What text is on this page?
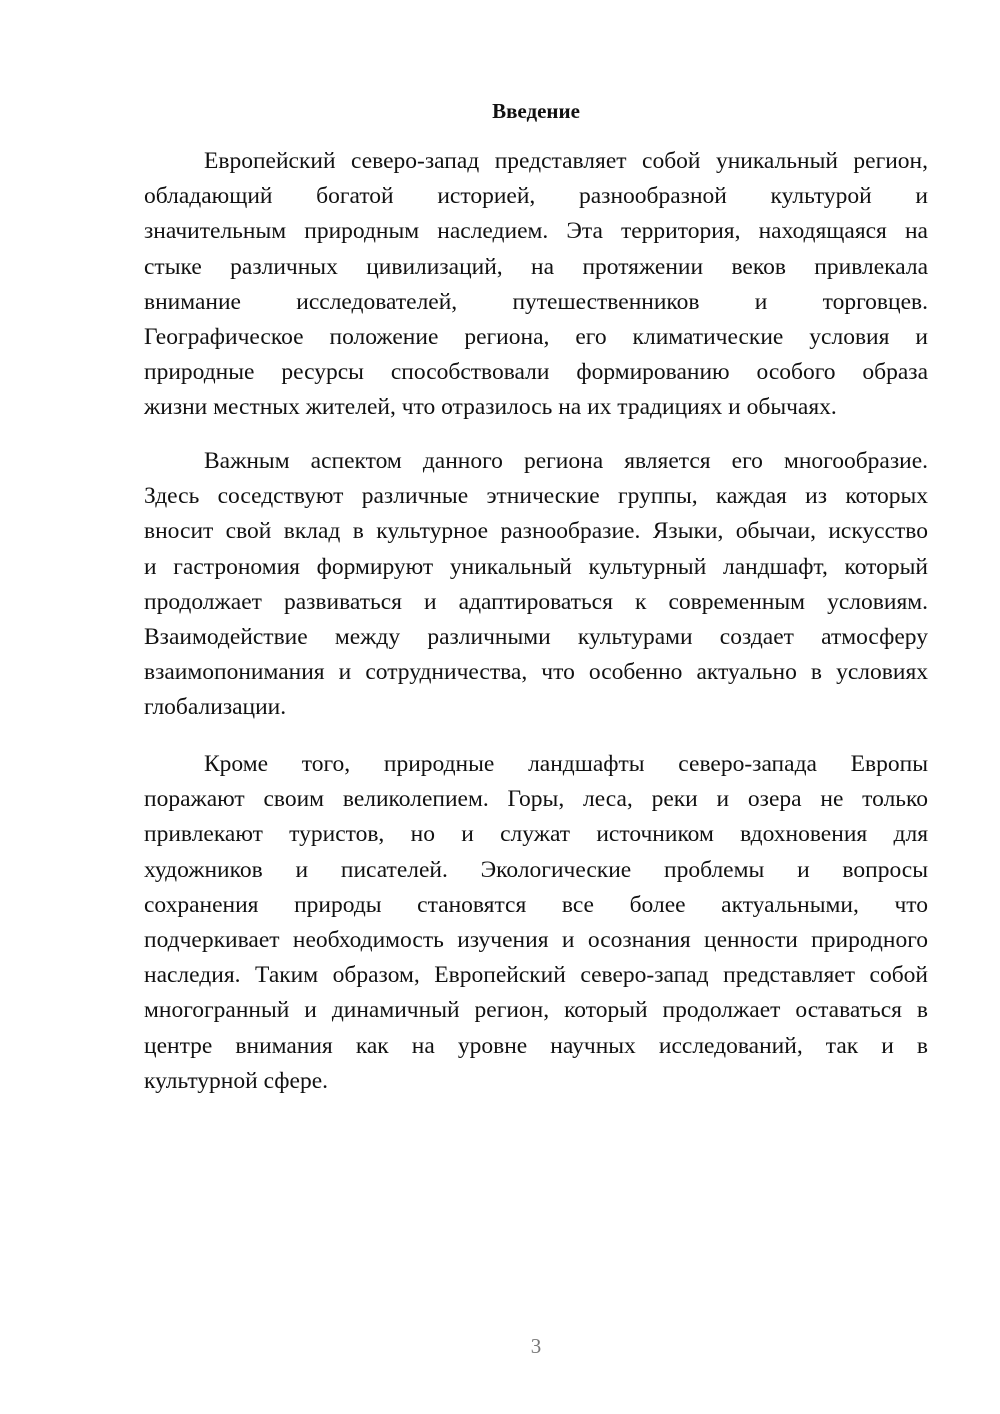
Введение
Европейский северо-запад представляет собой уникальный регион,
обладающий богатой историей, разнообразной культурой и
значительным природным наследием. Эта территория, находящаяся на
стыке различных цивилизаций, на протяжении веков привлекала
внимание исследователей, путешественников и торговцев.
Географическое положение региона, его климатические условия и
природные ресурсы способствовали формированию особого образа
жизни местных жителей, что отразилось на их традициях и обычаях.
Важным аспектом данного региона является его многообразие.
Здесь соседствуют различные этнические группы, каждая из которых
вносит свой вклад в культурное разнообразие. Языки, обычаи, искусство
и гастрономия формируют уникальный культурный ландшафт, который
продолжает развиваться и адаптироваться к современным условиям.
Взаимодействие между различными культурами создает атмосферу
взаимопонимания и сотрудничества, что особенно актуально в условиях
глобализации.
Кроме того, природные ландшафты северо-запада Европы
поражают своим великолепием. Горы, леса, реки и озера не только
привлекают туристов, но и служат источником вдохновения для
художников и писателей. Экологические проблемы и вопросы
сохранения природы становятся все более актуальными, что
подчеркивает необходимость изучения и осознания ценности природного
наследия. Таким образом, Европейский северо-запад представляет собой
многогранный и динамичный регион, который продолжает оставаться в
центре внимания как на уровне научных исследований, так и в
культурной сфере.
3
